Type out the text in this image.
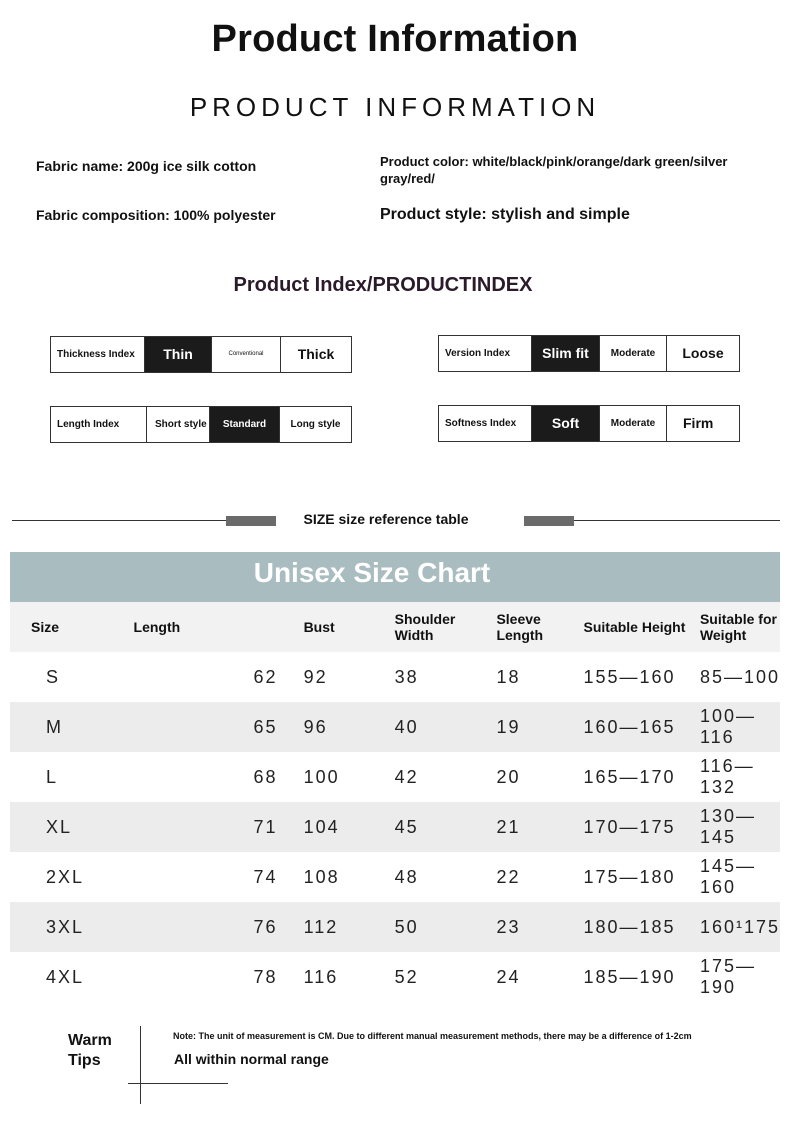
Product Information
PRODUCT INFORMATION
Fabric name: 200g ice silk cotton
Fabric composition: 100% polyester
Product color: white/black/pink/orange/dark green/silver gray/red/
Product style: stylish and simple
Product Index/PRODUCTINDEX
Thickness Index	Thin	Conventional	Thick
Length Index	Short style	Standard	Long style
Version Index	Slim fit	Moderate	Loose
Softness Index	Soft	Moderate	Firm
SIZE size reference table
Unisex Size Chart
Size	Length	Bust	Shoulder Width	Sleeve Length	Suitable Height	Suitable for Weight
S	62	92	38	18	155—160	85—100
M	65	96	40	19	160—165	100—116
L	68	100	42	20	165—170	116—132
XL	71	104	45	21	170—175	130—145
2XL	74	108	48	22	175—180	145—160
3XL	76	112	50	23	180—185	160¹175
4XL	78	116	52	24	185—190	175—190
Warm
Tips
Note: The unit of measurement is CM. Due to different manual measurement methods, there may be a difference of 1-2cm
All within normal range
